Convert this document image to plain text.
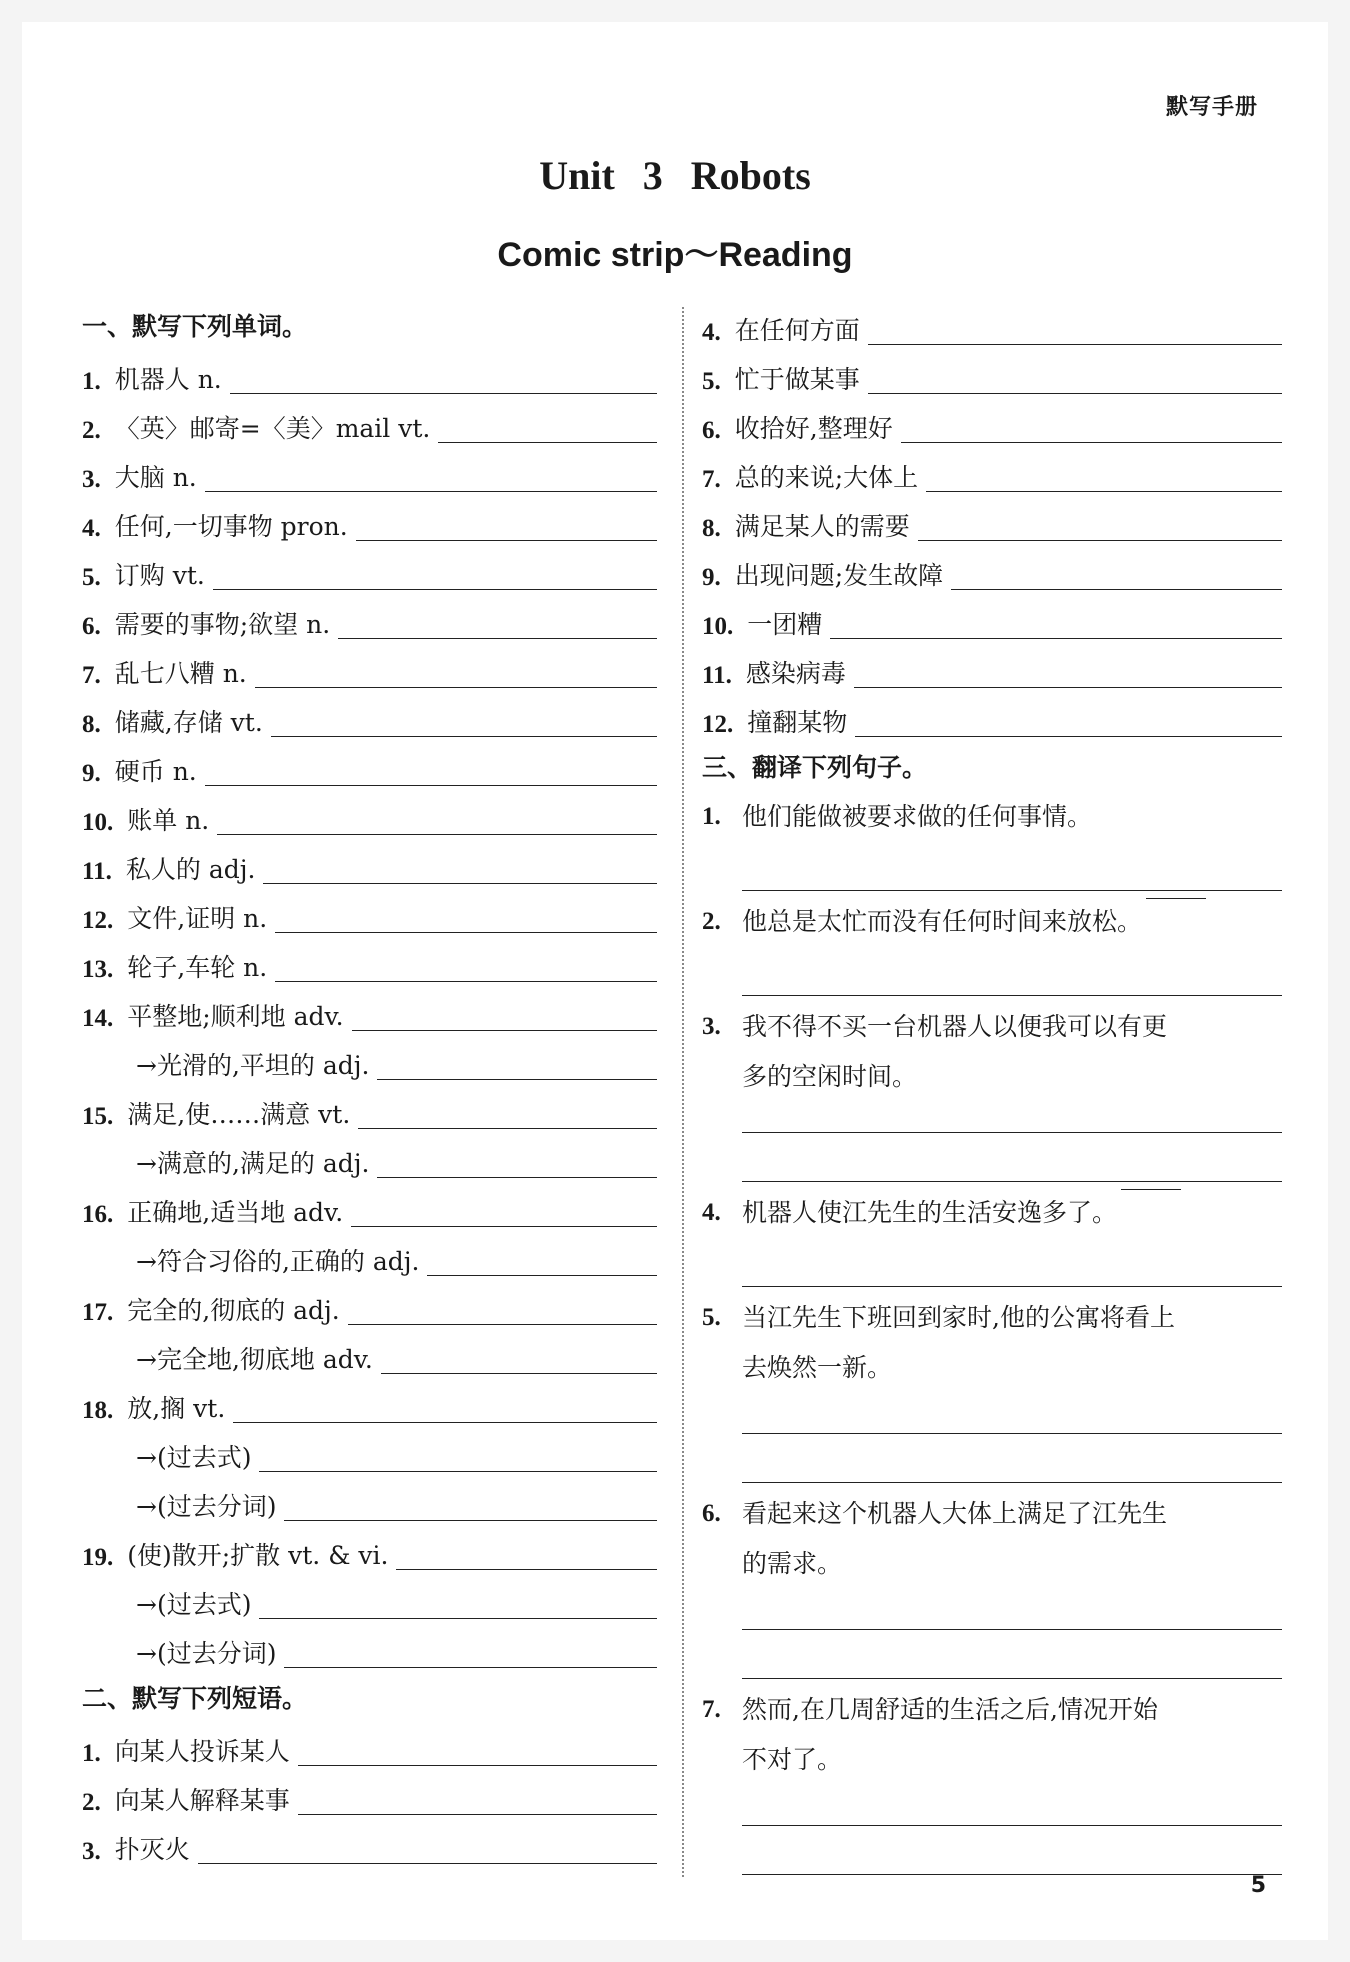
默写手册
Unit 3 Robots
Comic strip～Reading
一、默写下列单词。
1. 机器人 n.
2. 〈英〉邮寄=〈美〉mail vt.
3. 大脑 n.
4. 任何,一切事物 pron.
5. 订购 vt.
6. 需要的事物;欲望 n.
7. 乱七八糟 n.
8. 储藏,存储 vt.
9. 硬币 n.
10. 账单 n.
11. 私人的 adj.
12. 文件,证明 n.
13. 轮子,车轮 n.
14. 平整地;顺利地 adv.
→光滑的,平坦的 adj.
15. 满足,使……满意 vt.
→满意的,满足的 adj.
16. 正确地,适当地 adv.
→符合习俗的,正确的 adj.
17. 完全的,彻底的 adj.
→完全地,彻底地 adv.
18. 放,搁 vt.
→(过去式)
→(过去分词)
19. (使)散开;扩散 vt. & vi.
→(过去式)
→(过去分词)
二、默写下列短语。
1. 向某人投诉某人
2. 向某人解释某事
3. 扑灭火
4. 在任何方面
5. 忙于做某事
6. 收拾好,整理好
7. 总的来说;大体上
8. 满足某人的需要
9. 出现问题;发生故障
10. 一团糟
11. 感染病毒
12. 撞翻某物
三、翻译下列句子。
1. 他们能做被要求做的任何事情。
2. 他总是太忙而没有任何时间来放松。
3. 我不得不买一台机器人以便我可以有更多的空闲时间。
4. 机器人使江先生的生活安逸多了。
5. 当江先生下班回到家时,他的公寓将看上去焕然一新。
6. 看起来这个机器人大体上满足了江先生的需求。
7. 然而,在几周舒适的生活之后,情况开始不对了。
5
